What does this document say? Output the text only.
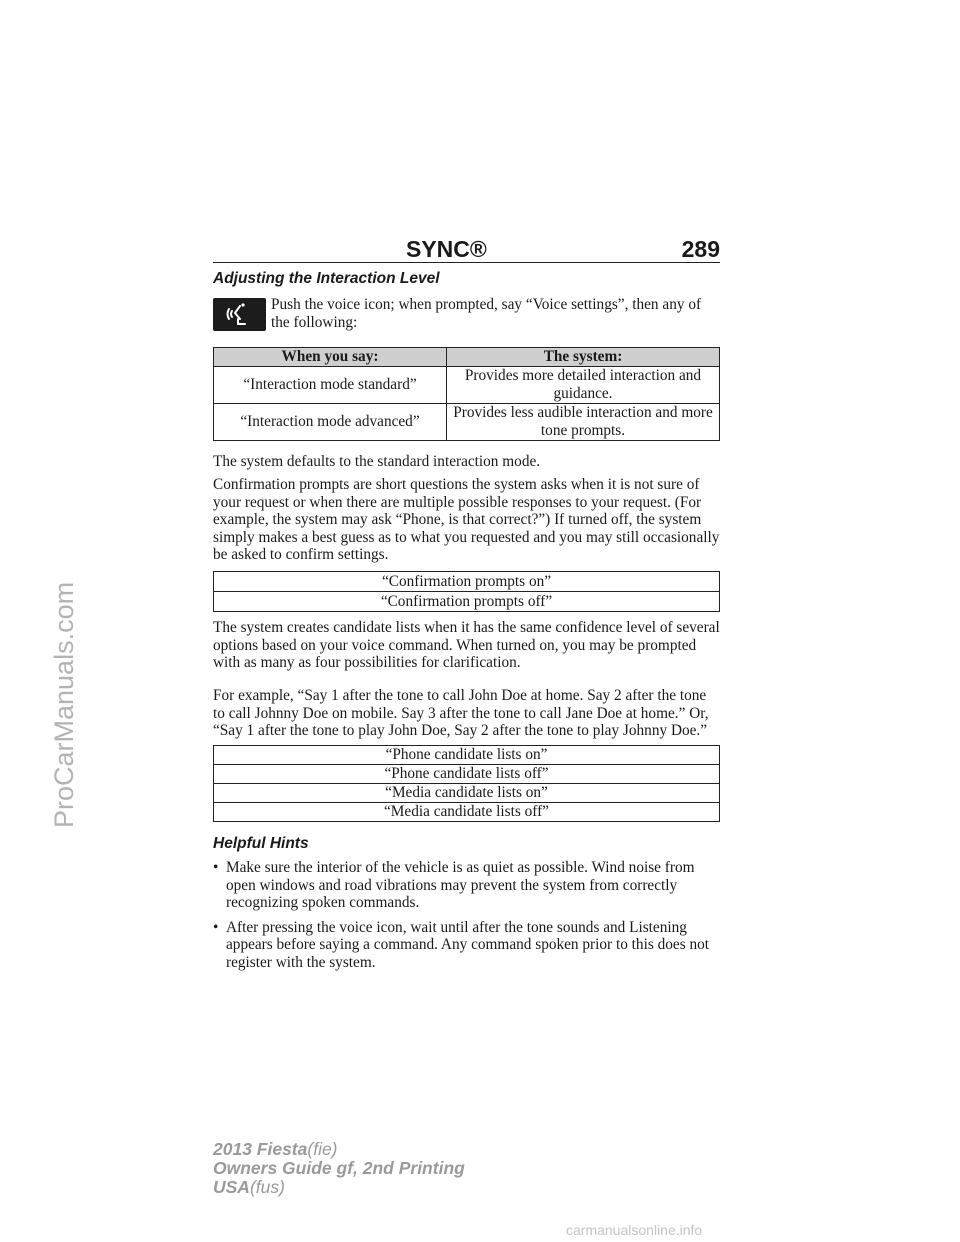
SYNC®	289
Adjusting the Interaction Level

Push the voice icon; when prompted, say “Voice settings”, then any of the following:

When you say:	The system:
“Interaction mode standard”	Provides more detailed interaction and guidance.
“Interaction mode advanced”	Provides less audible interaction and more tone prompts.

The system defaults to the standard interaction mode.

Confirmation prompts are short questions the system asks when it is not sure of your request or when there are multiple possible responses to your request. (For example, the system may ask “Phone, is that correct?”) If turned off, the system simply makes a best guess as to what you requested and you may still occasionally be asked to confirm settings.

“Confirmation prompts on”
“Confirmation prompts off”

The system creates candidate lists when it has the same confidence level of several options based on your voice command. When turned on, you may be prompted with as many as four possibilities for clarification.

For example, “Say 1 after the tone to call John Doe at home. Say 2 after the tone to call Johnny Doe on mobile. Say 3 after the tone to call Jane Doe at home.” Or, “Say 1 after the tone to play John Doe, Say 2 after the tone to play Johnny Doe.”

“Phone candidate lists on”
“Phone candidate lists off”
“Media candidate lists on”
“Media candidate lists off”
Helpful Hints
• Make sure the interior of the vehicle is as quiet as possible. Wind noise from open windows and road vibrations may prevent the system from correctly recognizing spoken commands.
• After pressing the voice icon, wait until after the tone sounds and Listening appears before saying a command. Any command spoken prior to this does not register with the system.
2013 Fiesta(fie)
Owners Guide gf, 2nd Printing
USA(fus)
ProCarManuals.com
carmanualsonline.info
